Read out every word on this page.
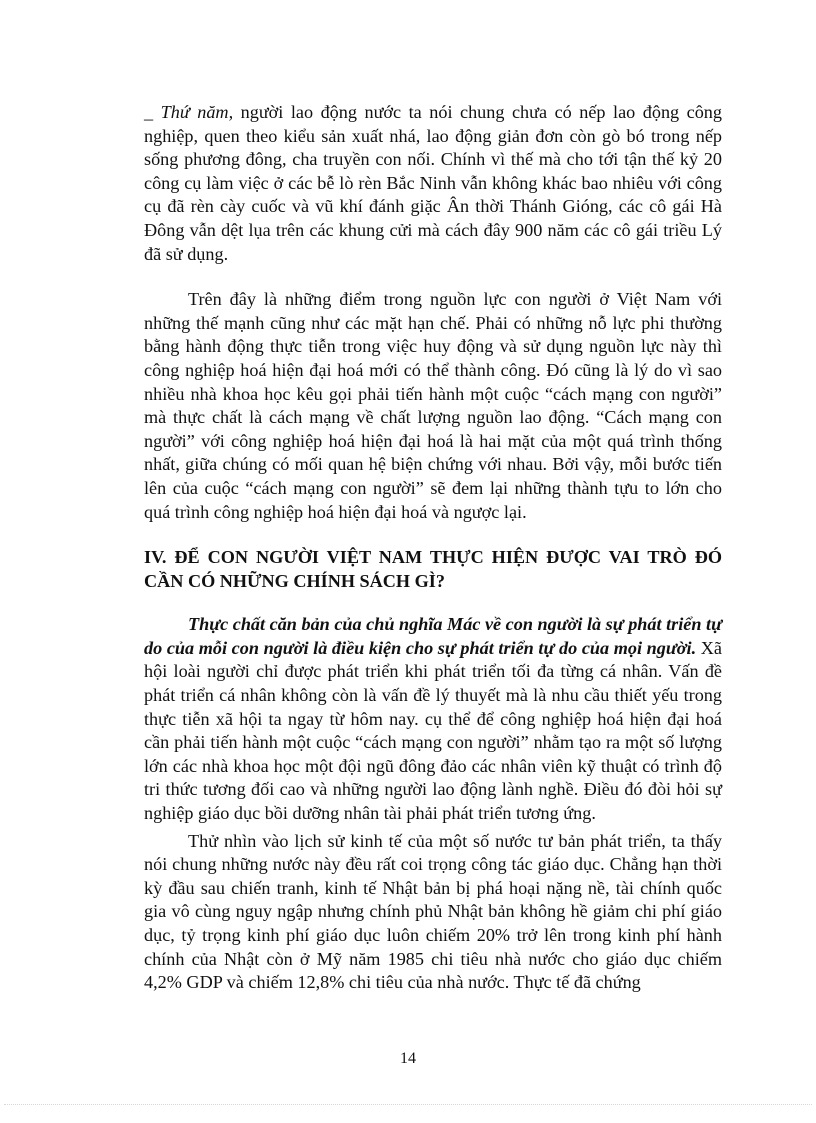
_ Thứ năm, người lao động nước ta nói chung chưa có nếp lao động công nghiệp, quen theo kiểu sản xuất nhá, lao động giản đơn còn gò bó trong nếp sống phương đông, cha truyền con nối. Chính vì thế mà cho tới tận thế kỷ 20 công cụ làm việc ở các bễ lò rèn Bắc Ninh vẫn không khác bao nhiêu với công cụ đã rèn cày cuốc và vũ khí đánh giặc Ân thời Thánh Gióng, các cô gái Hà Đông vẫn dệt lụa trên các khung cửi mà cách đây 900 năm các cô gái triều Lý đã sử dụng.

Trên đây là những điểm trong nguồn lực con người ở Việt Nam với những thế mạnh cũng như các mặt hạn chế. Phải có những nỗ lực phi thường bằng hành động thực tiễn trong việc huy động và sử dụng nguồn lực này thì công nghiệp hoá hiện đại hoá mới có thể thành công. Đó cũng là lý do vì sao nhiều nhà khoa học kêu gọi phải tiến hành một cuộc “cách mạng con người” mà thực chất là cách mạng về chất lượng nguồn lao động. “Cách mạng con người” với công nghiệp hoá hiện đại hoá là hai mặt của một quá trình thống nhất, giữa chúng có mối quan hệ biện chứng với nhau. Bởi vậy, mỗi bước tiến lên của cuộc “cách mạng con người” sẽ đem lại những thành tựu to lớn cho quá trình công nghiệp hoá hiện đại hoá và ngược lại.

IV. ĐỂ CON NGƯỜI VIỆT NAM THỰC HIỆN ĐƯỢC VAI TRÒ ĐÓ CẦN CÓ NHỮNG CHÍNH SÁCH GÌ?

Thực chất căn bản của chủ nghĩa Mác về con người là sự phát triển tự do của mỗi con người là điều kiện cho sự phát triển tự do của mọi người. Xã hội loài người chỉ được phát triển khi phát triển tối đa từng cá nhân. Vấn đề phát triển cá nhân không còn là vấn đề lý thuyết mà là nhu cầu thiết yếu trong thực tiễn xã hội ta ngay từ hôm nay. cụ thể để công nghiệp hoá hiện đại hoá cần phải tiến hành một cuộc “cách mạng con người” nhằm tạo ra một số lượng lớn các nhà khoa học một đội ngũ đông đảo các nhân viên kỹ thuật có trình độ tri thức tương đối cao và những người lao động lành nghề. Điều đó đòi hỏi sự nghiệp giáo dục bồi dưỡng nhân tài phải phát triển tương ứng.

Thử nhìn vào lịch sử kinh tế của một số nước tư bản phát triển, ta thấy nói chung những nước này đều rất coi trọng công tác giáo dục. Chẳng hạn thời kỳ đầu sau chiến tranh, kinh tế Nhật bản bị phá hoại nặng nề, tài chính quốc gia vô cùng nguy ngập nhưng chính phủ Nhật bản không hề giảm chi phí giáo dục, tỷ trọng kinh phí giáo dục luôn chiếm 20% trở lên trong kinh phí hành chính của Nhật còn ở Mỹ năm 1985 chi tiêu nhà nước cho giáo dục chiếm 4,2% GDP và chiếm 12,8% chi tiêu của nhà nước. Thực tế đã chứng

14
